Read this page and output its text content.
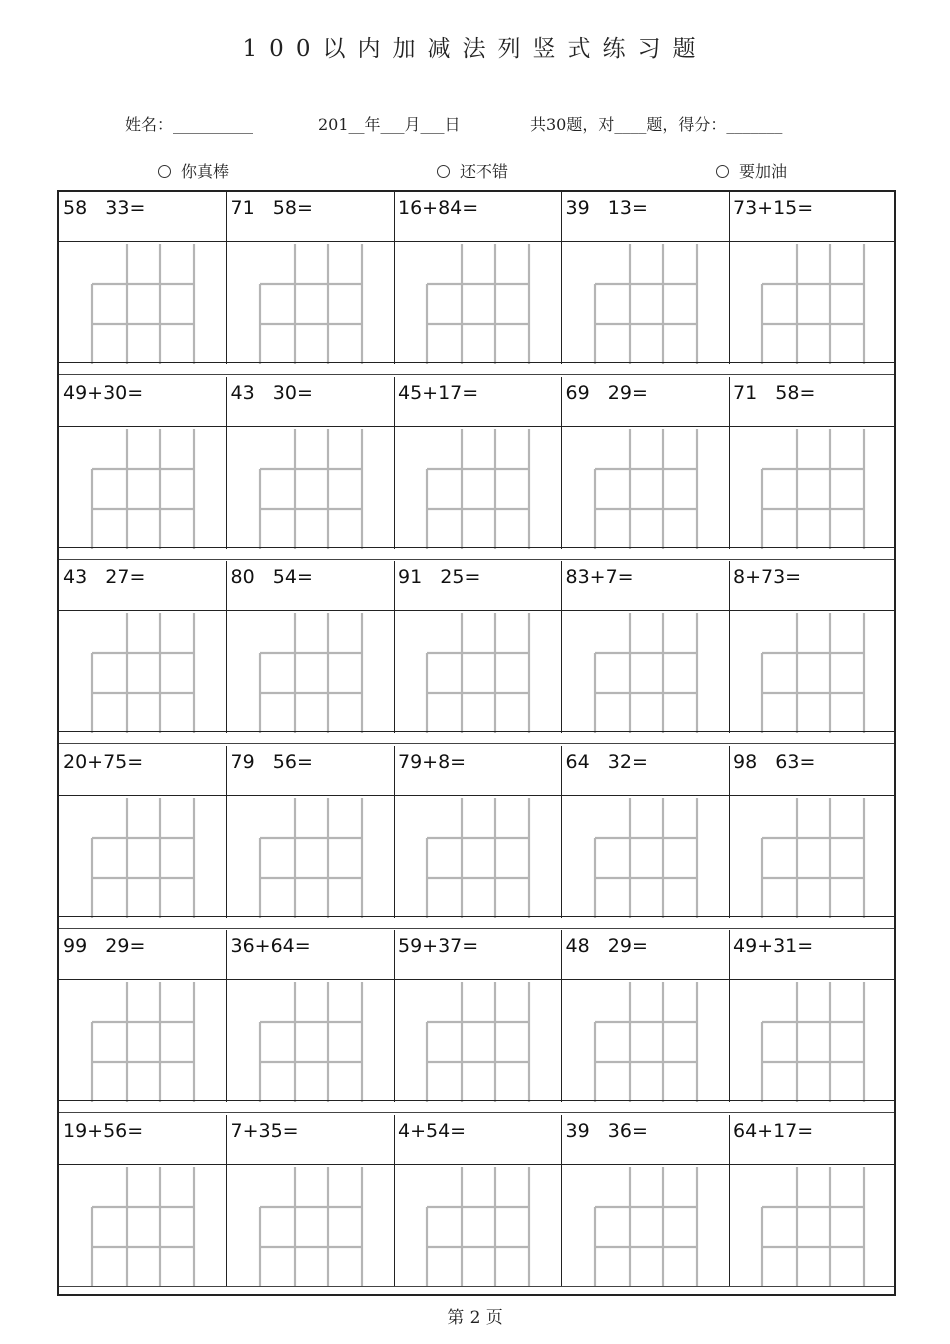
100以内加减法列竖式练习题
姓名：__________	201__年___月___日	共30题，对____题，得分：_______
你真棒	还不错	要加油
58   33=	71   58=	16+84=	39   13=	73+15=
49+30=	43   30=	45+17=	69   29=	71   58=
43   27=	80   54=	91   25=	83+7=	8+73=
20+75=	79   56=	79+8=	64   32=	98   63=
99   29=	36+64=	59+37=	48   29=	49+31=
19+56=	7+35=	4+54=	39   36=	64+17=
第 2 页
